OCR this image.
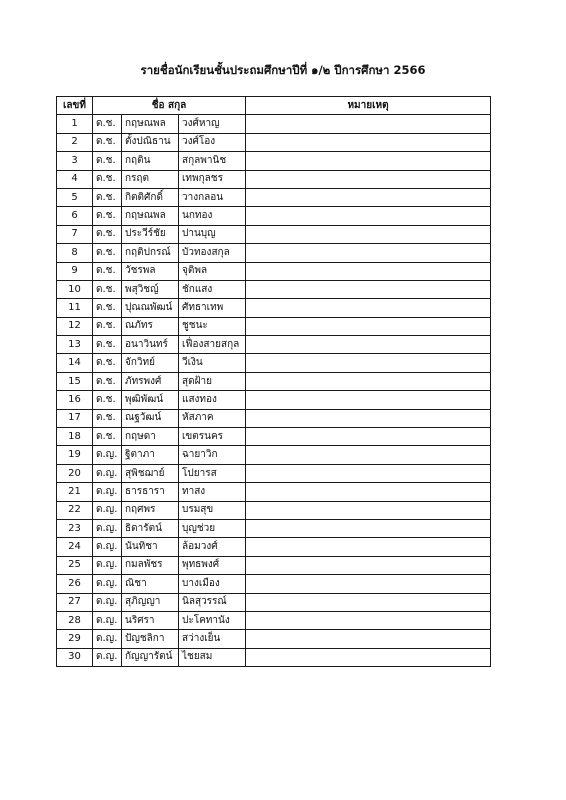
รายชื่อนักเรียนชั้นประถมศึกษาปีที่ ๑/๒ ปีการศึกษา 2566
เลขที่	ชื่อ สกุล			หมายเหตุ
1	ด.ช.	กฤษณพล	วงศ์หาญ	
2	ด.ช.	ตั้งปณิธาน	วงศ์โอง	
3	ด.ช.	กฤติน	สกุลพานิช	
4	ด.ช.	กรฤต	เทพกุลชร	
5	ด.ช.	กิตติศักดิ์	วางกลอน	
6	ด.ช.	กฤษณพล	นกทอง	
7	ด.ช.	ประวีร์ชัย	ปานบุญ	
8	ด.ช.	กฤติปกรณ์	บัวทองสกุล	
9	ด.ช.	วัชรพล	จุติพล	
10	ด.ช.	พสุวิชญ์	ชักแสง	
11	ด.ช.	ปุณณพัฒน์	ศัทธาเทพ	
12	ด.ช.	ณภัทร	ชูชนะ	
13	ด.ช.	อนาวินทร์	เฟื่องสายสกุล	
14	ด.ช.	จักวิทย์	วีเงิน	
15	ด.ช.	ภัทรพงศ์	สุดฝ้าย	
16	ด.ช.	พุฒิพัฒน์	แสงทอง	
17	ด.ช.	ณฐวัฒน์	หัสภาค	
18	ด.ช.	กฤษดา	เขตรนคร	
19	ด.ญ.	ฐิตาภา	ฉายาวิก	
20	ด.ญ.	สุพิชฌาย์	โปยารส	
21	ด.ญ.	ธารธารา	ทาสง	
22	ด.ญ.	กฤศพร	บรมสุข	
23	ด.ญ.	ธิดารัตน์	บุญช่วย	
24	ด.ญ.	นันทิชา	ล้อมวงศ์	
25	ด.ญ.	กมลพัชร	พุทธพงศ์	
26	ด.ญ.	ณิชา	บางเมือง	
27	ด.ญ.	สุภิญญา	นิลสุวรรณ์	
28	ด.ญ.	นริศรา	ปะโคทานัง	
29	ด.ญ.	ปัญชลิกา	สว่างเย็น	
30	ด.ญ.	กัญญารัตน์	ไชยสม	
